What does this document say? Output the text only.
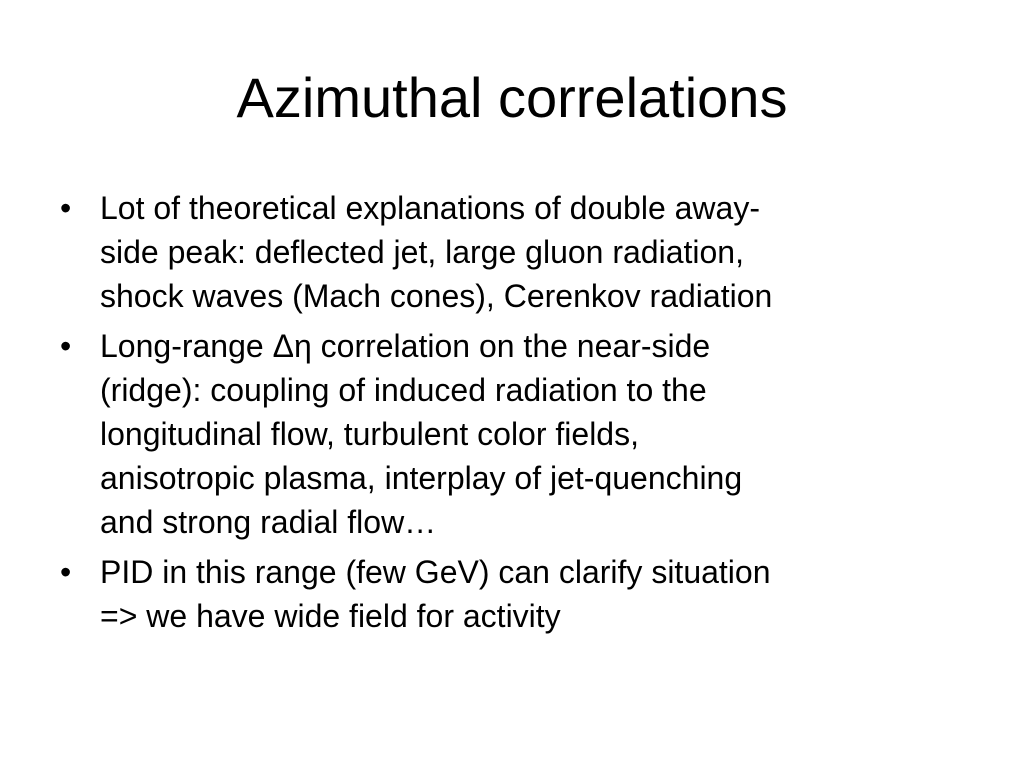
Azimuthal correlations
• Lot of theoretical explanations of double away-
side peak: deflected jet, large gluon radiation,
shock waves (Mach cones), Cerenkov radiation
• Long-range Δη correlation on the near-side
(ridge): coupling of induced radiation to the
longitudinal flow, turbulent color fields,
anisotropic plasma, interplay of jet-quenching
and strong radial flow…
• PID in this range (few GeV) can clarify situation
=> we have wide field for activity
